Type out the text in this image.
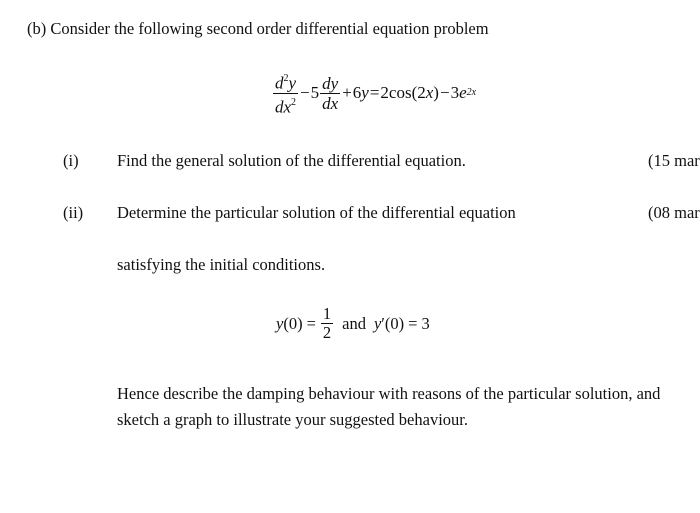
(b) Consider the following second order differential equation problem
$\frac{d^2y}{dx^2} - 5 \frac{dy}{dx} + 6$ y = 2cos(2 x ) − 3 e 2x
(i) Find the general solution of the differential equation.	(15 mar
(ii) Determine the particular solution of the differential equation	(08 mar
satisfying the initial conditions.
y $(0) = \frac{1}{2}$ and y ′(0) = 3
Hence describe the damping behaviour with reasons of the particular solution, and
sketch a graph to illustrate your suggested behaviour.
